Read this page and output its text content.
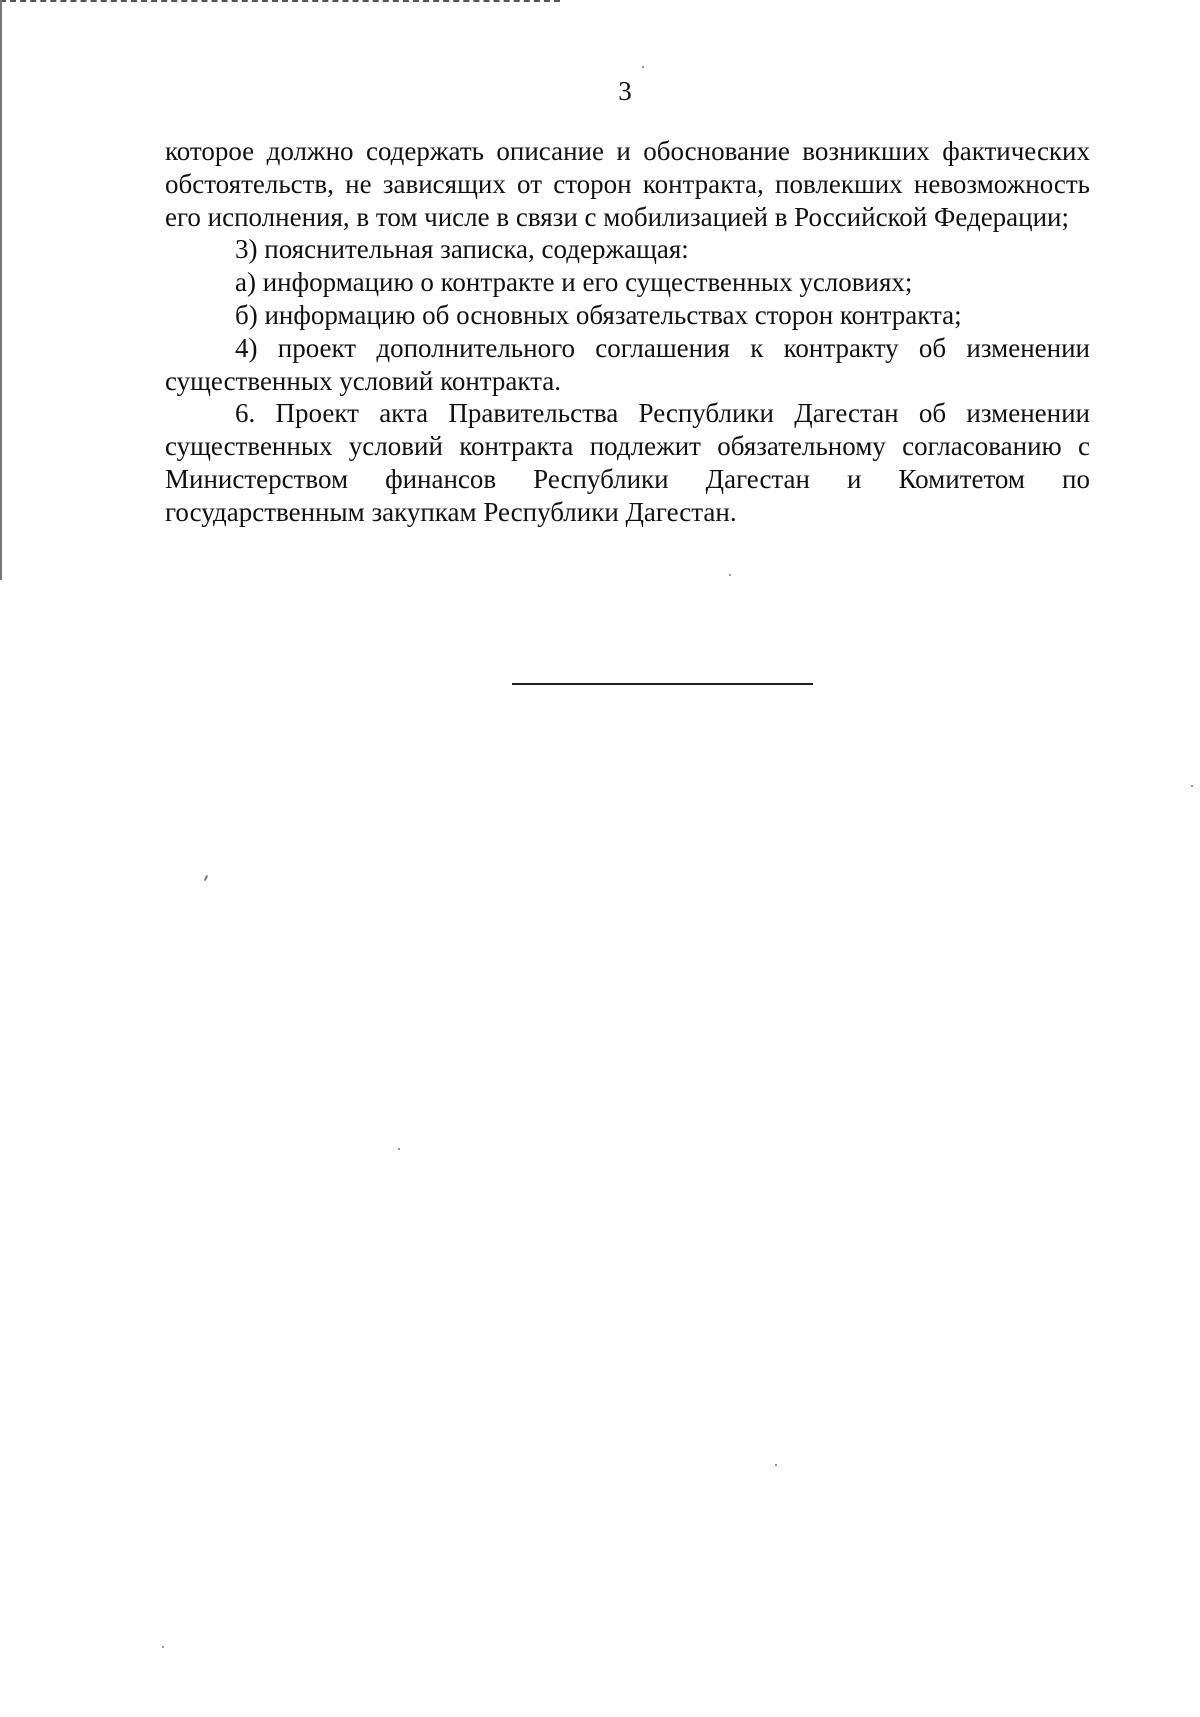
3

которое должно содержать описание и обоснование возникших фактических обстоятельств, не зависящих от сторон контракта, повлекших невозможность его исполнения, в том числе в связи с мобилизацией в Российской Федерации;

3) пояснительная записка, содержащая:

а) информацию о контракте и его существенных условиях;

б) информацию об основных обязательствах сторон контракта;

4) проект дополнительного соглашения к контракту об изменении существенных условий контракта.

6. Проект акта Правительства Республики Дагестан об изменении существенных условий контракта подлежит обязательному согласованию с Министерством финансов Республики Дагестан и Комитетом по

государственным закупкам Республики Дагестан.
